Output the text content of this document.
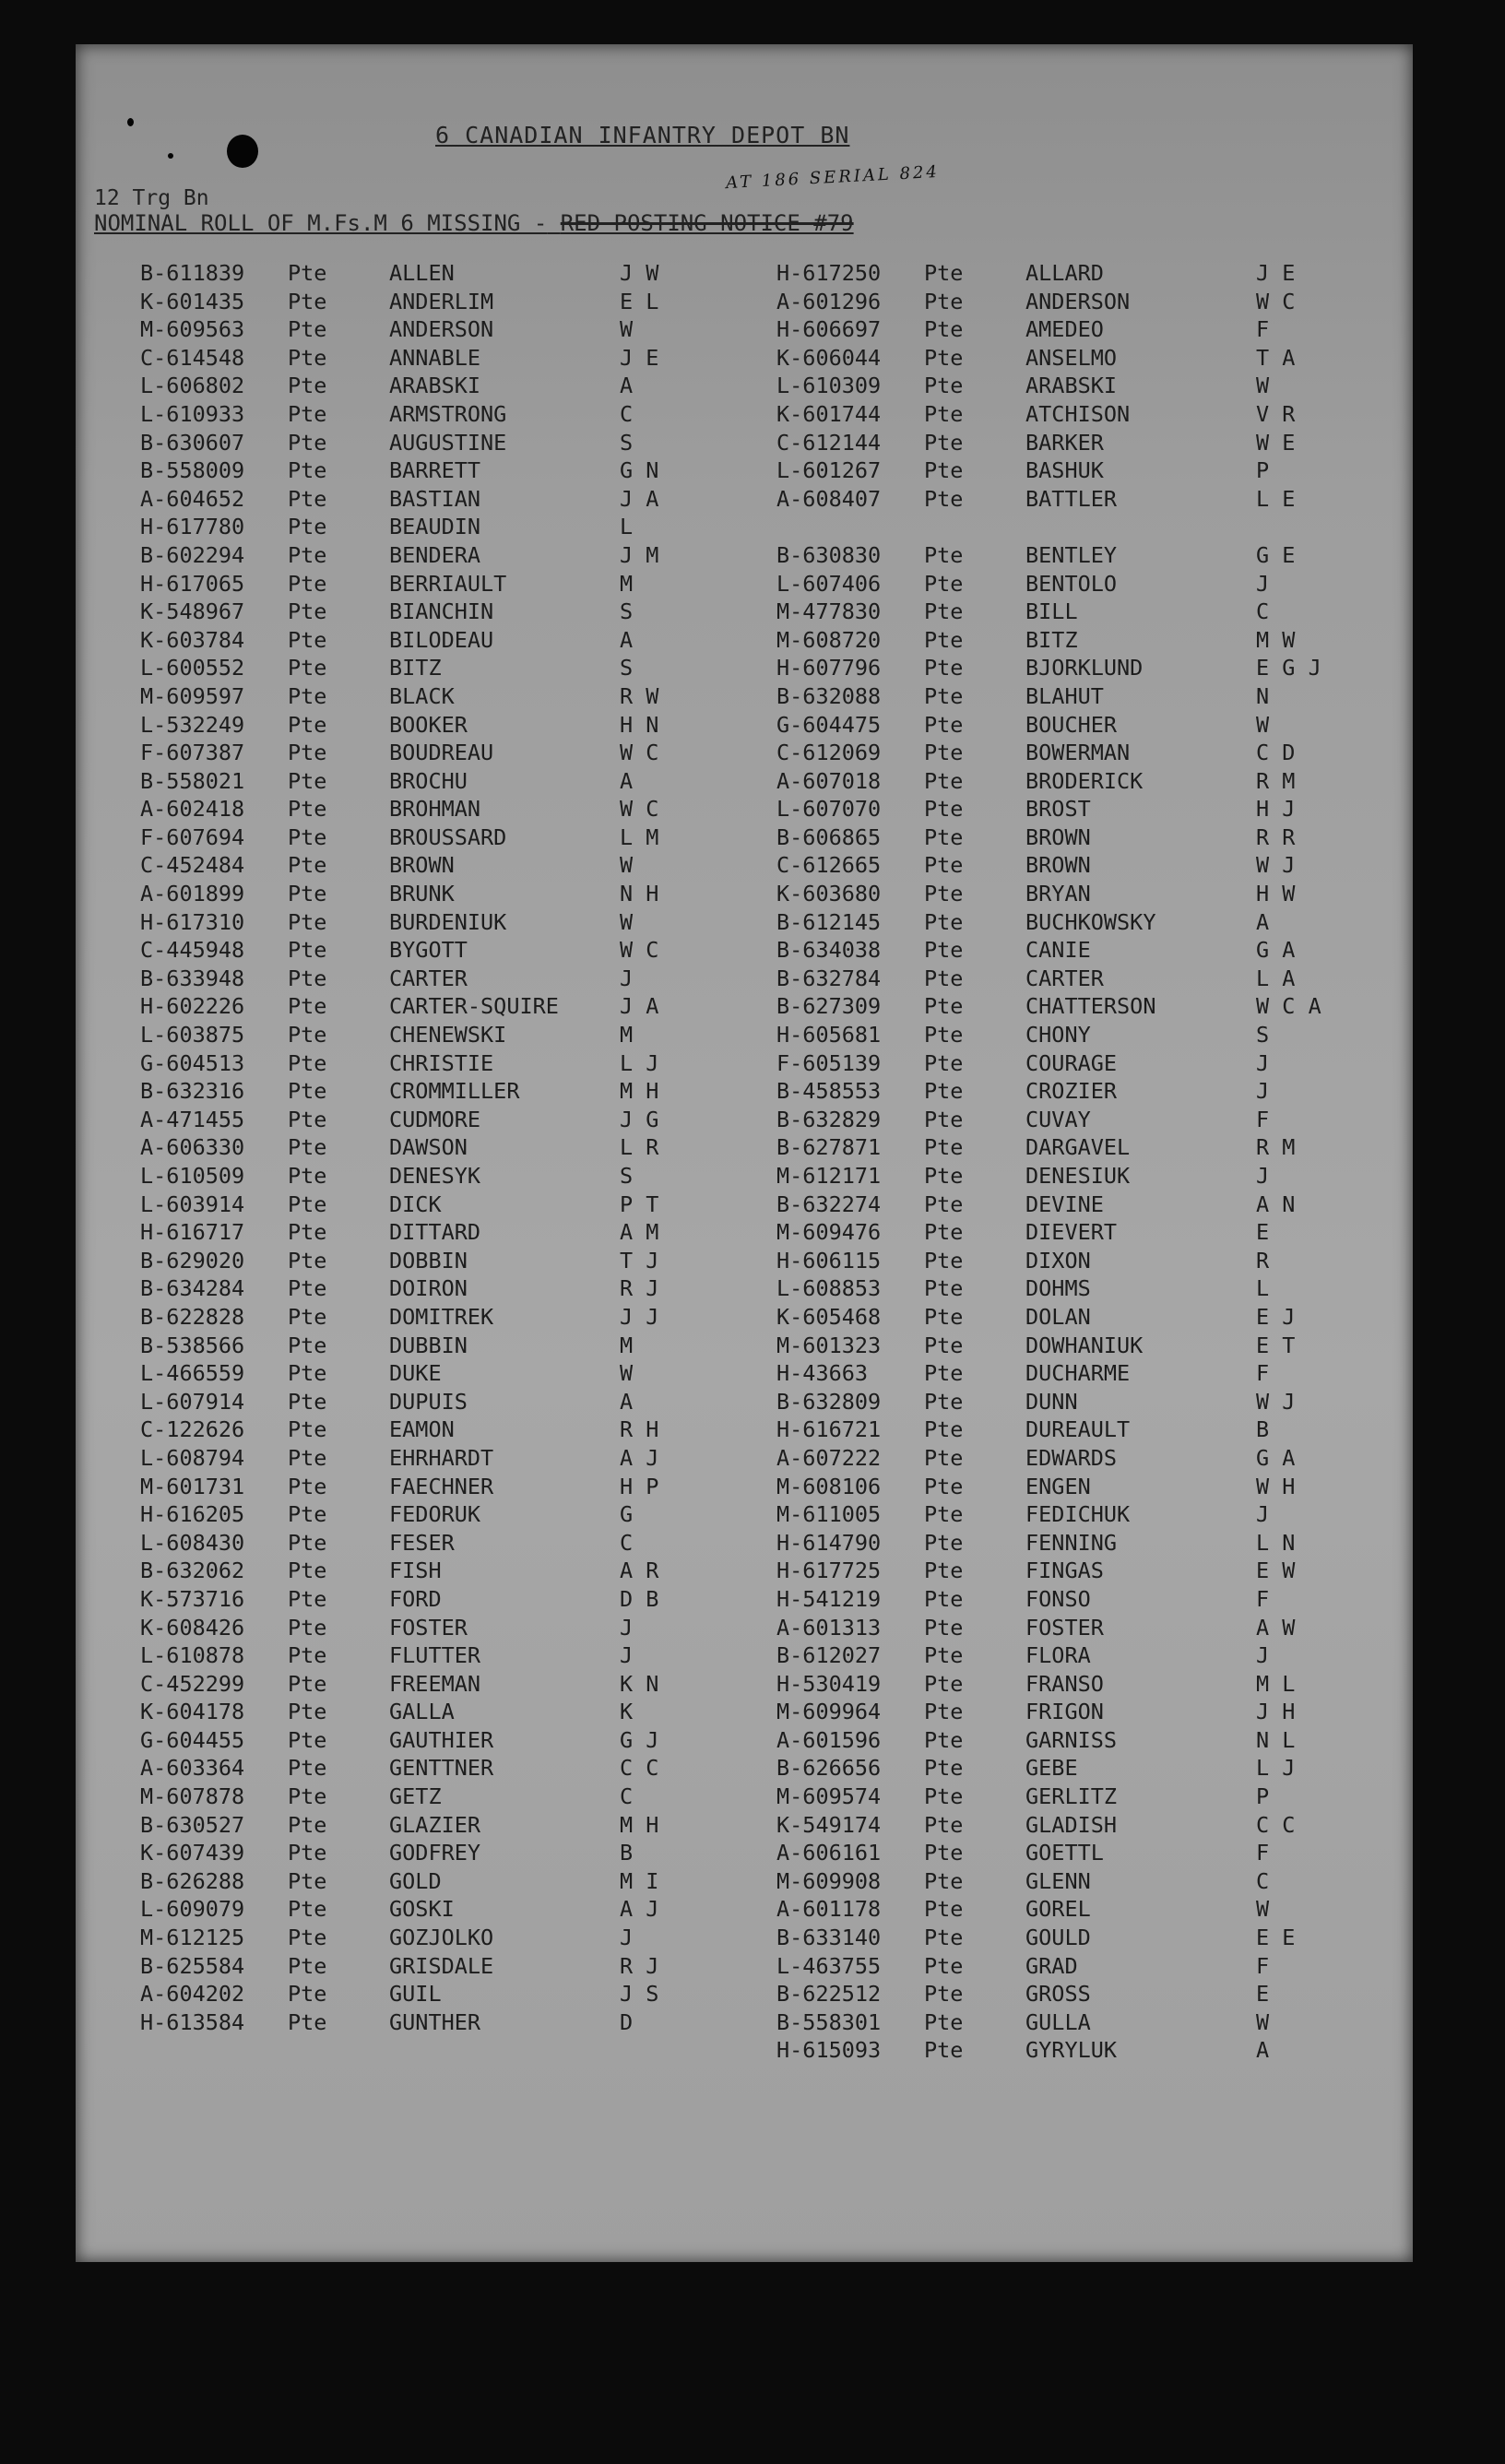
6 CANADIAN INFANTRY DEPOT BN
12 Trg Bn
AT 186 SERIAL 824
NOMINAL ROLL OF M.Fs.M 6 MISSING - RED POSTING NOTICE #79
B-611839 Pte	ALLEN	J W
K-601435 Pte	ANDERLIM	E L
M-609563 Pte	ANDERSON	W
C-614548 Pte	ANNABLE	J E
L-606802 Pte	ARABSKI	A
L-610933 Pte	ARMSTRONG	C
B-630607 Pte	AUGUSTINE	S
B-558009 Pte	BARRETT	G N
A-604652 Pte	BASTIAN	J A
H-617780 Pte	BEAUDIN	L
B-602294 Pte	BENDERA	J M
H-617065 Pte	BERRIAULT	M
K-548967 Pte	BIANCHIN	S
K-603784 Pte	BILODEAU	A
L-600552 Pte	BITZ	S
M-609597 Pte	BLACK	R W
L-532249 Pte	BOOKER	H N
F-607387 Pte	BOUDREAU	W C
B-558021 Pte	BROCHU	A
A-602418 Pte	BROHMAN	W C
F-607694 Pte	BROUSSARD	L M
C-452484 Pte	BROWN	W
A-601899 Pte	BRUNK	N H
H-617310 Pte	BURDENIUK	W
C-445948 Pte	BYGOTT	W C
B-633948 Pte	CARTER	J
H-602226 Pte	CARTER-SQUIRE	J A
L-603875 Pte	CHENEWSKI	M
G-604513 Pte	CHRISTIE	L J
B-632316 Pte	CROMMILLER	M H
A-471455 Pte	CUDMORE	J G
A-606330 Pte	DAWSON	L R
L-610509 Pte	DENESYK	S
L-603914 Pte	DICK	P T
H-616717 Pte	DITTARD	A M
B-629020 Pte	DOBBIN	T J
B-634284 Pte	DOIRON	R J
B-622828 Pte	DOMITREK	J J
B-538566 Pte	DUBBIN	M
L-466559 Pte	DUKE	W
L-607914 Pte	DUPUIS	A
C-122626 Pte	EAMON	R H
L-608794 Pte	EHRHARDT	A J
M-601731 Pte	FAECHNER	H P
H-616205 Pte	FEDORUK	G
L-608430 Pte	FESER	C
B-632062 Pte	FISH	A R
K-573716 Pte	FORD	D B
K-608426 Pte	FOSTER	J
L-610878 Pte	FLUTTER	J
C-452299 Pte	FREEMAN	K N
K-604178 Pte	GALLA	K
G-604455 Pte	GAUTHIER	G J
A-603364 Pte	GENTTNER	C C
M-607878 Pte	GETZ	C
B-630527 Pte	GLAZIER	M H
K-607439 Pte	GODFREY	B
B-626288 Pte	GOLD	M I
L-609079 Pte	GOSKI	A J
M-612125 Pte	GOZJOLKO	J
B-625584 Pte	GRISDALE	R J
A-604202 Pte	GUIL	J S
H-613584 Pte	GUNTHER	D
H-617250 Pte	ALLARD	J E
A-601296 Pte	ANDERSON	W C
H-606697 Pte	AMEDEO	F
K-606044 Pte	ANSELMO	T A
L-610309 Pte	ARABSKI	W
K-601744 Pte	ATCHISON	V R
C-612144 Pte	BARKER	W E
L-601267 Pte	BASHUK	P
A-608407 Pte	BATTLER	L E
B-630830 Pte	BENTLEY	G E
L-607406 Pte	BENTOLO	J
M-477830 Pte	BILL	C
M-608720 Pte	BITZ	M W
H-607796 Pte	BJORKLUND	E G J
B-632088 Pte	BLAHUT	N
G-604475 Pte	BOUCHER	W
C-612069 Pte	BOWERMAN	C D
A-607018 Pte	BRODERICK	R M
L-607070 Pte	BROST	H J
B-606865 Pte	BROWN	R R
C-612665 Pte	BROWN	W J
K-603680 Pte	BRYAN	H W
B-612145 Pte	BUCHKOWSKY	A
B-634038 Pte	CANIE	G A
B-632784 Pte	CARTER	L A
B-627309 Pte	CHATTERSON	W C A
H-605681 Pte	CHONY	S
F-605139 Pte	COURAGE	J
B-458553 Pte	CROZIER	J
B-632829 Pte	CUVAY	F
B-627871 Pte	DARGAVEL	R M
M-612171 Pte	DENESIUK	J
B-632274 Pte	DEVINE	A N
M-609476 Pte	DIEVERT	E
H-606115 Pte	DIXON	R
L-608853 Pte	DOHMS	L
K-605468 Pte	DOLAN	E J
M-601323 Pte	DOWHANIUK	E T
H-43663	Pte	DUCHARME	F
B-632809 Pte	DUNN	W J
H-616721 Pte	DUREAULT	B
A-607222 Pte	EDWARDS	G A
M-608106 Pte	ENGEN	W H
M-611005 Pte	FEDICHUK	J
H-614790 Pte	FENNING	L N
H-617725 Pte	FINGAS	E W
H-541219 Pte	FONSO	F
A-601313 Pte	FOSTER	A W
B-612027 Pte	FLORA	J
H-530419 Pte	FRANSO	M L
M-609964 Pte	FRIGON	J H
A-601596 Pte	GARNISS	N L
B-626656 Pte	GEBE	L J
M-609574 Pte	GERLITZ	P
K-549174 Pte	GLADISH	C C
A-606161 Pte	GOETTL	F
M-609908 Pte	GLENN	C
A-601178 Pte	GOREL	W
B-633140 Pte	GOULD	E E
L-463755 Pte	GRAD	F
B-622512 Pte	GROSS	E
B-558301 Pte	GULLA	W
H-615093 Pte	GYRYLUK	A
